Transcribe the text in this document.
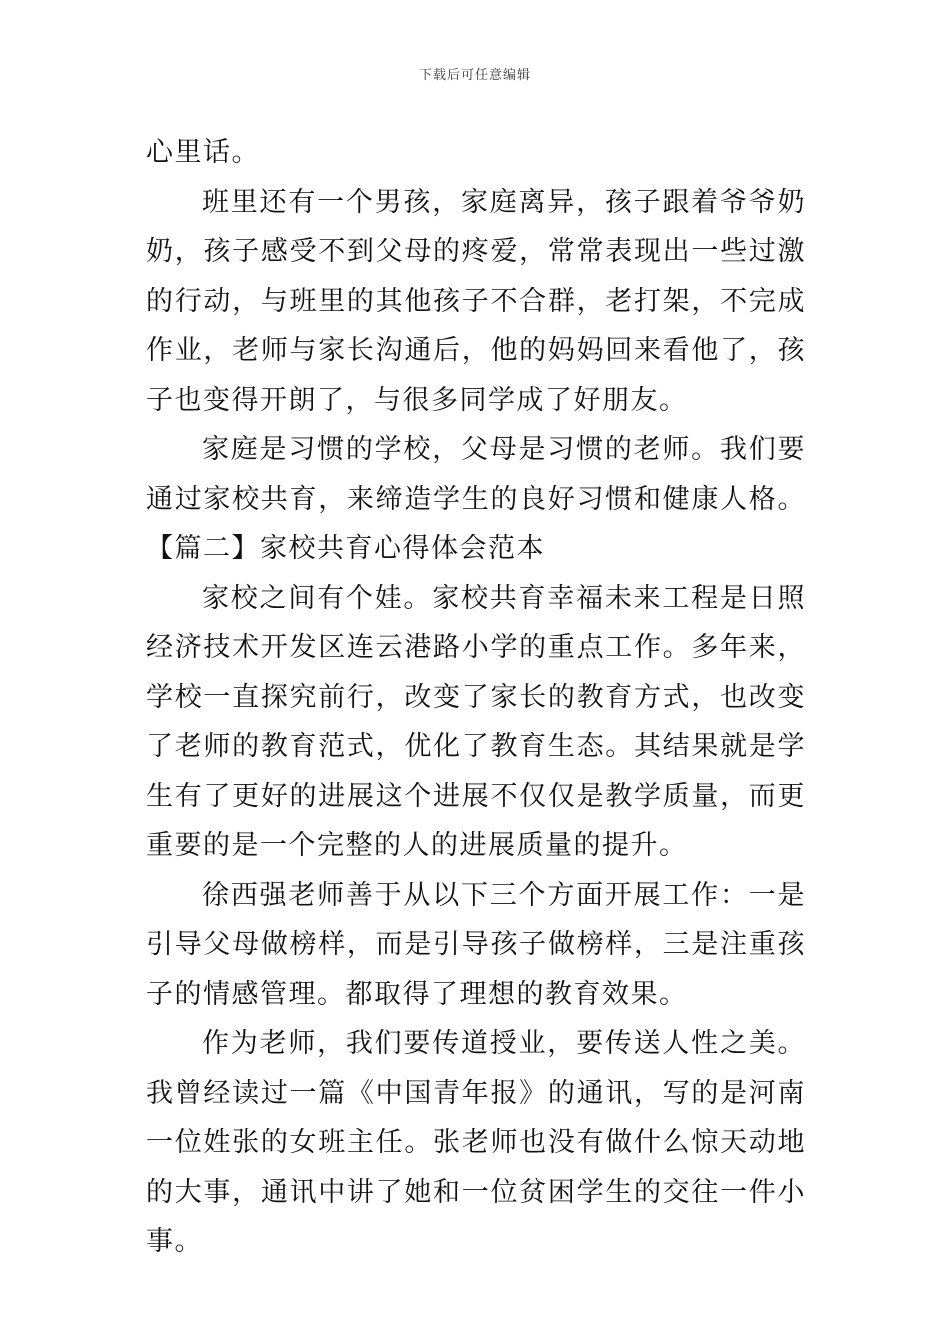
下载后可任意编辑

心里话。

班里还有一个男孩，家庭离异，孩子跟着爷爷奶奶，孩子感受不到父母的疼爱，常常表现出一些过激的行动，与班里的其他孩子不合群，老打架，不完成作业，老师与家长沟通后，他的妈妈回来看他了，孩子也变得开朗了，与很多同学成了好朋友。

家庭是习惯的学校，父母是习惯的老师。我们要通过家校共育，来缔造学生的良好习惯和健康人格。【篇二】家校共育心得体会范本

家校之间有个娃。家校共育幸福未来工程是日照经济技术开发区连云港路小学的重点工作。多年来，学校一直探究前行，改变了家长的教育方式，也改变了老师的教育范式，优化了教育生态。其结果就是学生有了更好的进展这个进展不仅仅是教学质量，而更重要的是一个完整的人的进展质量的提升。

徐西强老师善于从以下三个方面开展工作：一是引导父母做榜样，而是引导孩子做榜样，三是注重孩子的情感管理。都取得了理想的教育效果。

作为老师，我们要传道授业，要传送人性之美。我曾经读过一篇《中国青年报》的通讯，写的是河南一位姓张的女班主任。张老师也没有做什么惊天动地的大事，通讯中讲了她和一位贫困学生的交往一件小事。
